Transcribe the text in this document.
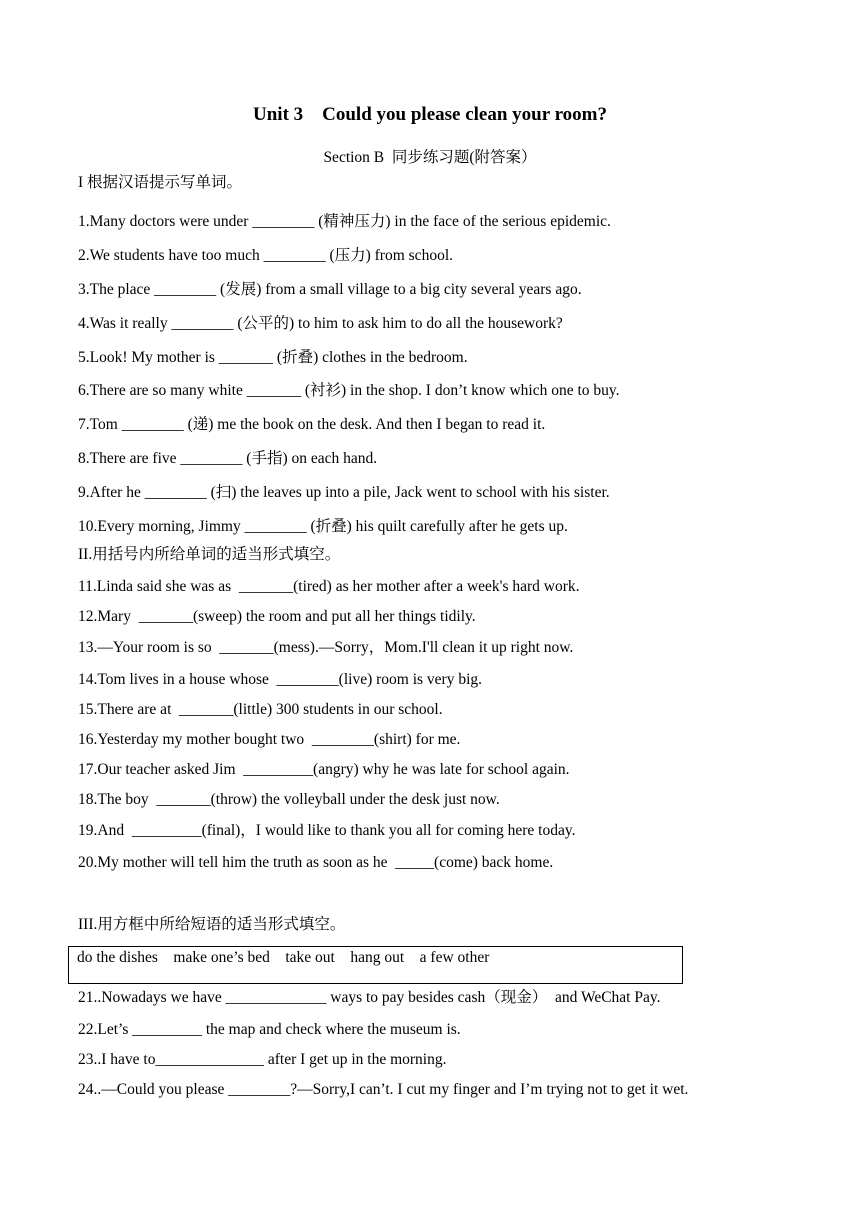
Unit 3    Could you please clean your room?
Section B  同步练习题(附答案）
I 根据汉语提示写单词。
1.Many doctors were under ________ (精神压力) in the face of the serious epidemic.
2.We students have too much ________ (压力) from school.
3.The place ________ (发展) from a small village to a big city several years ago.
4.Was it really ________ (公平的) to him to ask him to do all the housework?
5.Look! My mother is _______ (折叠) clothes in the bedroom.
6.There are so many white _______ (衬衫) in the shop. I don’t know which one to buy.
7.Tom ________ (递) me the book on the desk. And then I began to read it.
8.There are five ________ (手指) on each hand.
9.After he ________ (扫) the leaves up into a pile, Jack went to school with his sister.
10.Every morning, Jimmy ________ (折叠) his quilt carefully after he gets up.
II.用括号内所给单词的适当形式填空。
11.Linda said she was as  _______(tired) as her mother after a week's hard work.
12.Mary  _______(sweep) the room and put all her things tidily.
13.—Your room is so  _______(mess).—Sorry，Mom.I'll clean it up right now.
14.Tom lives in a house whose  ________(live) room is very big.
15.There are at  _______(little) 300 students in our school.
16.Yesterday my mother bought two  ________(shirt) for me.
17.Our teacher asked Jim  _________(angry) why he was late for school again.
18.The boy  _______(throw) the volleyball under the desk just now.
19.And  _________(final)，I would like to thank you all for coming here today.
20.My mother will tell him the truth as soon as he  _____(come) back home.
III.用方框中所给短语的适当形式填空。
do the dishes    make one’s bed    take out    hang out    a few other
21..Nowadays we have _____________ ways to pay besides cash（现金）  and WeChat Pay.
22.Let’s _________ the map and check where the museum is.
23..I have to______________ after I get up in the morning.
24..—Could you please ________?—Sorry,I can’t. I cut my finger and I’m trying not to get it wet.
